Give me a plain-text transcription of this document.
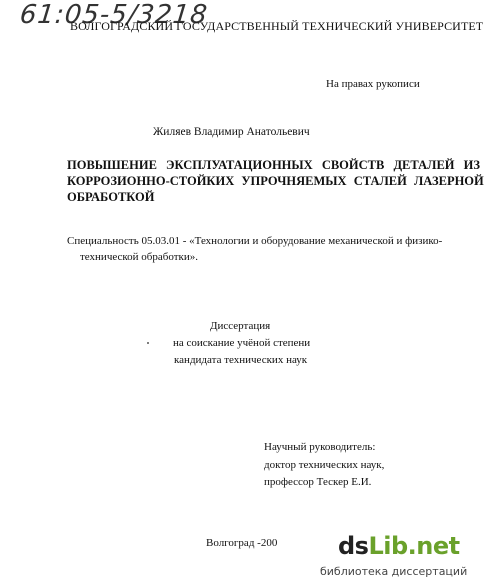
61:05-5/3218
ВОЛГОГРАДСКИЙ ГОСУДАРСТВЕННЫЙ ТЕХНИЧЕСКИЙ УНИВЕРСИТЕТ
На правах рукописи
Жиляев Владимир Анатольевич
ПОВЫШЕНИЕ ЭКСПЛУАТАЦИОННЫХ СВОЙСТВ ДЕТАЛЕЙ ИЗ
КОРРОЗИОННО-СТОЙКИХ УПРОЧНЯЕМЫХ СТАЛЕЙ ЛАЗЕРНОЙ
ОБРАБОТКОЙ
Специальность 05.03.01 - «Технологии и оборудование механической и физико-
технической обработки».
Диссертация
на соискание учёной степени
кандидата технических наук
Научный руководитель:
доктор технических наук,
профессор Тескер Е.И.
Волгоград -200	dsLib.net
библиотека диссертаций
